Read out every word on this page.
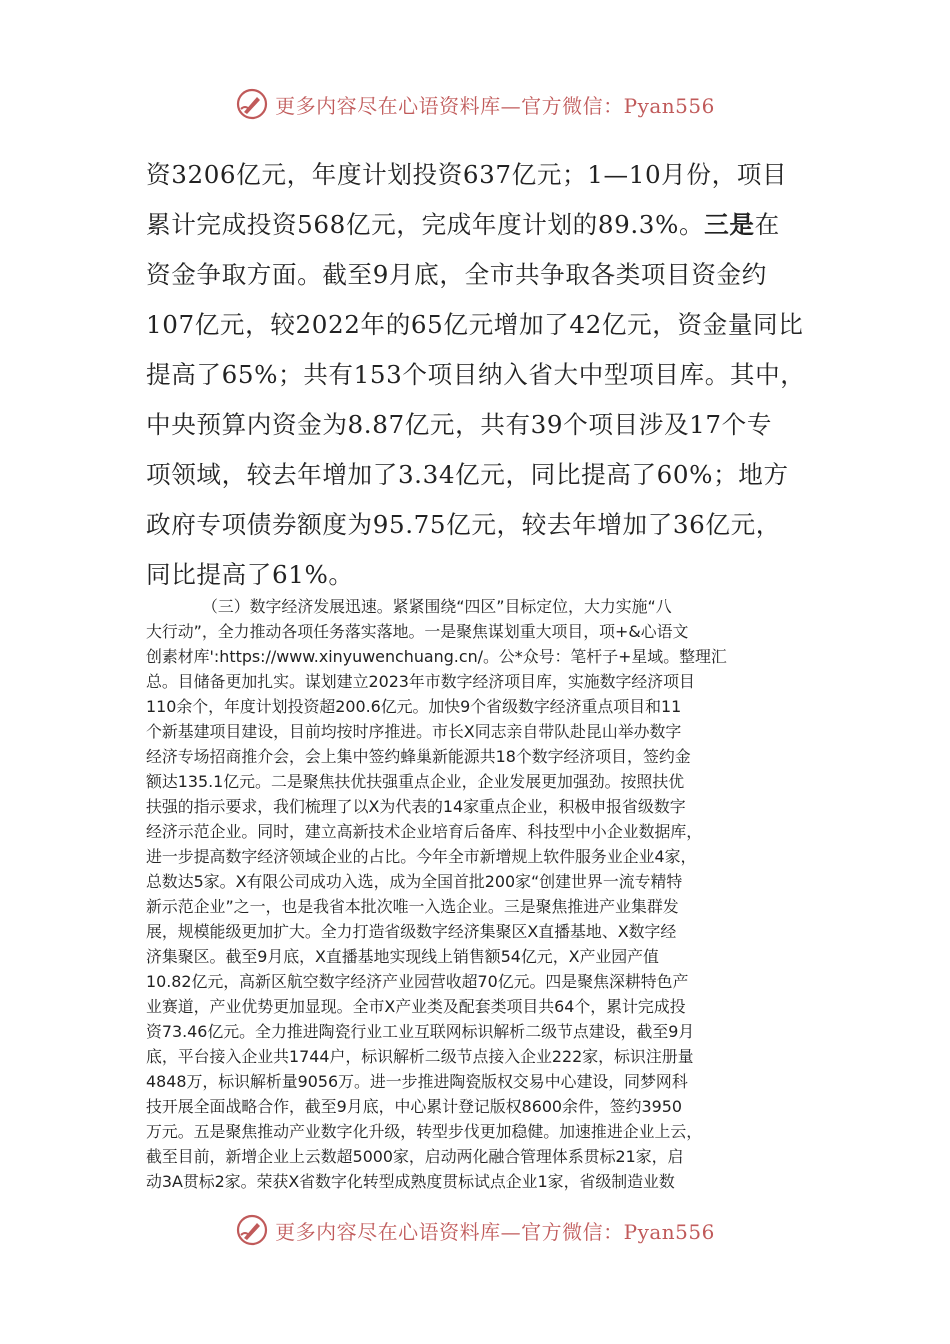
更多内容尽在心语资料库—官方微信：Pyan556
资3206亿元，年度计划投资637亿元；1—10月份，项目
累计完成投资568亿元，完成年度计划的89.3%。三是在
资金争取方面。截至9月底，全市共争取各类项目资金约
107亿元，较2022年的65亿元增加了42亿元，资金量同比
提高了65%；共有153个项目纳入省大中型项目库。其中，
中央预算内资金为8.87亿元，共有39个项目涉及17个专
项领域，较去年增加了3.34亿元，同比提高了60%；地方
政府专项债券额度为95.75亿元，较去年增加了36亿元，
同比提高了61%。
（三）数字经济发展迅速。紧紧围绕“四区”目标定位，大力实施“八
大行动”，全力推动各项任务落实落地。一是聚焦谋划重大项目，项+&心语文
创素材库':https://www.xinyuwenchuang.cn/。公*众号：笔杆子+星域。整理汇
总。目储备更加扎实。谋划建立2023年市数字经济项目库，实施数字经济项目
110余个，年度计划投资超200.6亿元。加快9个省级数字经济重点项目和11
个新基建项目建设，目前均按时序推进。市长X同志亲自带队赴昆山举办数字
经济专场招商推介会，会上集中签约蜂巢新能源共18个数字经济项目，签约金
额达135.1亿元。二是聚焦扶优扶强重点企业，企业发展更加强劲。按照扶优
扶强的指示要求，我们梳理了以X为代表的14家重点企业，积极申报省级数字
经济示范企业。同时，建立高新技术企业培育后备库、科技型中小企业数据库，
进一步提高数字经济领域企业的占比。今年全市新增规上软件服务业企业4家，
总数达5家。X有限公司成功入选，成为全国首批200家“创建世界一流专精特
新示范企业”之一，也是我省本批次唯一入选企业。三是聚焦推进产业集群发
展，规模能级更加扩大。全力打造省级数字经济集聚区X直播基地、X数字经
济集聚区。截至9月底，X直播基地实现线上销售额54亿元，X产业园产值
10.82亿元，高新区航空数字经济产业园营收超70亿元。四是聚焦深耕特色产
业赛道，产业优势更加显现。全市X产业类及配套类项目共64个，累计完成投
资73.46亿元。全力推进陶瓷行业工业互联网标识解析二级节点建设，截至9月
底，平台接入企业共1744户，标识解析二级节点接入企业222家，标识注册量
4848万，标识解析量9056万。进一步推进陶瓷版权交易中心建设，同梦网科
技开展全面战略合作，截至9月底，中心累计登记版权8600余件，签约3950
万元。五是聚焦推动产业数字化升级，转型步伐更加稳健。加速推进企业上云，
截至目前，新增企业上云数超5000家，启动两化融合管理体系贯标21家，启
动3A贯标2家。荣获X省数字化转型成熟度贯标试点企业1家，省级制造业数
更多内容尽在心语资料库—官方微信：Pyan556
